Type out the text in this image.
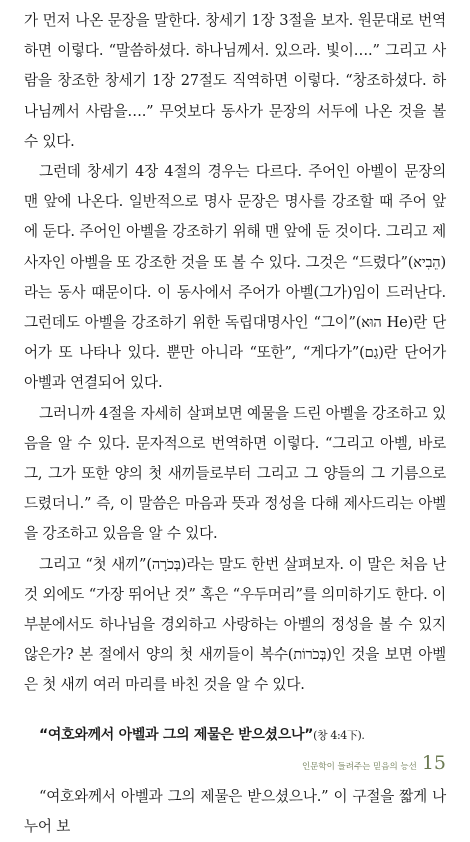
가 먼저 나온 문장을 말한다. 창세기 1장 3절을 보자. 원문대로 번역하면 이렇다. “말씀하셨다. 하나님께서. 있으라. 빛이….” 그리고 사람을 창조한 창세기 1장 27절도 직역하면 이렇다. “창조하셨다. 하나님께서 사람을….” 무엇보다 동사가 문장의 서두에 나온 것을 볼 수 있다.

그런데 창세기 4장 4절의 경우는 다르다. 주어인 아벨이 문장의 맨 앞에 나온다. 일반적으로 명사 문장은 명사를 강조할 때 주어 앞에 둔다. 주어인 아벨을 강조하기 위해 맨 앞에 둔 것이다. 그리고 제사자인 아벨을 또 강조한 것을 또 볼 수 있다. 그것은 “드렸다”(הֵבִיא)라는 동사 때문이다. 이 동사에서 주어가 아벨(그가)임이 드러난다. 그런데도 아벨을 강조하기 위한 독립대명사인 “그이”(הוּא He)란 단어가 또 나타나 있다. 뿐만 아니라 “또한”, “게다가”(גַם)란 단어가 아벨과 연결되어 있다.

그러니까 4절을 자세히 살펴보면 예물을 드린 아벨을 강조하고 있음을 알 수 있다. 문자적으로 번역하면 이렇다. “그리고 아벨, 바로 그, 그가 또한 양의 첫 새끼들로부터 그리고 그 양들의 그 기름으로 드렸더니.” 즉, 이 말씀은 마음과 뜻과 정성을 다해 제사드리는 아벨을 강조하고 있음을 알 수 있다.

그리고 “첫 새끼”(בְּכֹרָה)라는 말도 한번 살펴보자. 이 말은 처음 난 것 외에도 “가장 뛰어난 것” 혹은 “우두머리”를 의미하기도 한다. 이 부분에서도 하나님을 경외하고 사랑하는 아벨의 정성을 볼 수 있지 않은가? 본 절에서 양의 첫 새끼들이 복수(בְּכֹרוֹת)인 것을 보면 아벨은 첫 새끼 여러 마리를 바친 것을 알 수 있다.

“여호와께서 아벨과 그의 제물은 받으셨으나”(창 4:4下).

“여호와께서 아벨과 그의 제물은 받으셨으나.” 이 구절을 짧게 나누어 보

인문학이 들려주는 믿음의 능선 15
